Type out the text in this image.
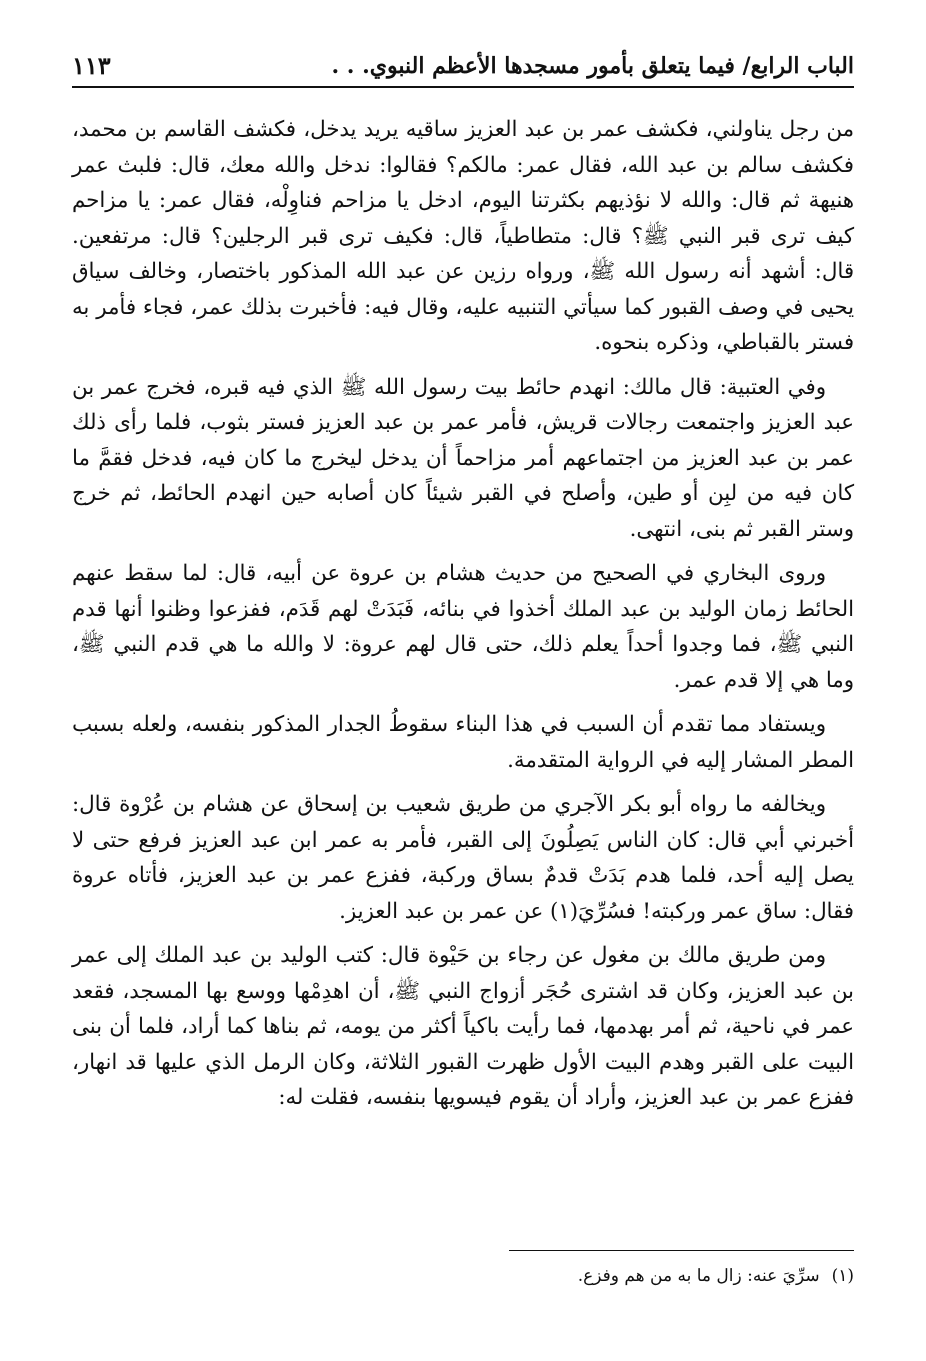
الباب الرابع/ فيما يتعلق بأمور مسجدها الأعظم النبوي. . .
١١٣

من رجل يناولني، فكشف عمر بن عبد العزيز ساقيه يريد يدخل، فكشف القاسم بن محمد، فكشف سالم بن عبد الله، فقال عمر: مالكم؟ فقالوا: ندخل والله معك، قال: فلبث عمر هنيهة ثم قال: والله لا نؤذيهم بكثرتنا اليوم، ادخل يا مزاحم فناوِلْه، فقال عمر: يا مزاحم كيف ترى قبر النبي ﷺ؟ قال: متطاطياً، قال: فكيف ترى قبر الرجلين؟ قال: مرتفعين. قال: أشهد أنه رسول الله ﷺ، ورواه رزين عن عبد الله المذكور باختصار، وخالف سياق يحيى في وصف القبور كما سيأتي التنبيه عليه، وقال فيه: فأخبرت بذلك عمر، فجاء فأمر به فستر بالقباطي، وذكره بنحوه.

وفي العتبية: قال مالك: انهدم حائط بيت رسول الله ﷺ الذي فيه قبره، فخرج عمر بن عبد العزيز واجتمعت رجالات قريش، فأمر عمر بن عبد العزيز فستر بثوب، فلما رأى ذلك عمر بن عبد العزيز من اجتماعهم أمر مزاحماً أن يدخل ليخرج ما كان فيه، فدخل فقمَّ ما كان فيه من لبِن أو طين، وأصلح في القبر شيئاً كان أصابه حين انهدم الحائط، ثم خرج وستر القبر ثم بنى، انتهى.

وروى البخاري في الصحيح من حديث هشام بن عروة عن أبيه، قال: لما سقط عنهم الحائط زمان الوليد بن عبد الملك أخذوا في بنائه، فَبَدَتْ لهم قَدَم، ففزعوا وظنوا أنها قدم النبي ﷺ، فما وجدوا أحداً يعلم ذلك، حتى قال لهم عروة: لا والله ما هي قدم النبي ﷺ، وما هي إلا قدم عمر.

ويستفاد مما تقدم أن السبب في هذا البناء سقوطُ الجدار المذكور بنفسه، ولعله بسبب المطر المشار إليه في الرواية المتقدمة.

ويخالفه ما رواه أبو بكر الآجري من طريق شعيب بن إسحاق عن هشام بن عُرْوة قال: أخبرني أبي قال: كان الناس يَصِلُونَ إلى القبر، فأمر به عمر ابن عبد العزيز فرفع حتى لا يصل إليه أحد، فلما هدم بَدَتْ قدمٌ بساق وركبة، ففزع عمر بن عبد العزيز، فأتاه عروة فقال: ساق عمر وركبته! فسُرِّيَ(١) عن عمر بن عبد العزيز.

ومن طريق مالك بن مغول عن رجاء بن حَيْوة قال: كتب الوليد بن عبد الملك إلى عمر بن عبد العزيز، وكان قد اشترى حُجَر أزواج النبي ﷺ، أن اهدِمْها ووسع بها المسجد، فقعد عمر في ناحية، ثم أمر بهدمها، فما رأيت باكياً أكثر من يومه، ثم بناها كما أراد، فلما أن بنى البيت على القبر وهدم البيت الأول ظهرت القبور الثلاثة، وكان الرمل الذي عليها قد انهار، ففزع عمر بن عبد العزيز، وأراد أن يقوم فيسويها بنفسه، فقلت له:

(١)
سرِّيَ عنه: زال ما به من هم وفزع.
